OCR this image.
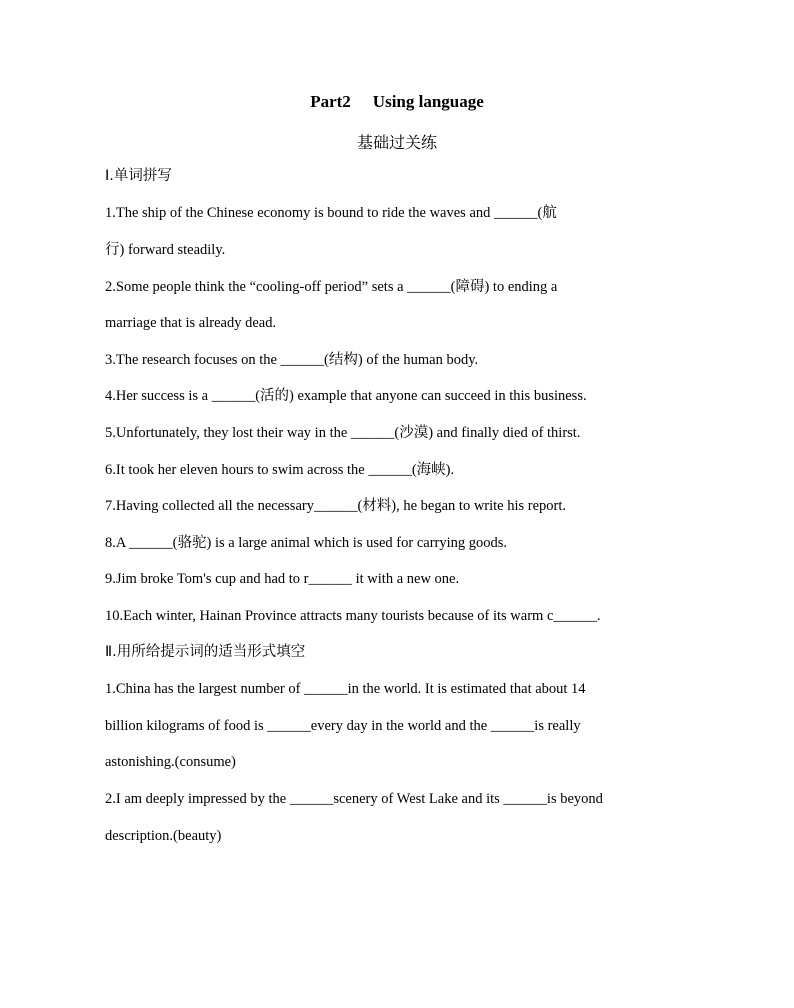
Part2 Using language
基础过关练
Ⅰ.单词拼写
1.The ship of the Chinese economy is bound to ride the waves and ______(航
行) forward steadily.
2.Some people think the “cooling-off period” sets a ______(障碍) to ending a
marriage that is already dead.
3.The research focuses on the ______(结构) of the human body.
4.Her success is a ______(活的) example that anyone can succeed in this business.
5.Unfortunately, they lost their way in the ______(沙漠) and finally died of thirst.
6.It took her eleven hours to swim across the ______(海峡).
7.Having collected all the necessary______(材料), he began to write his report.
8.A ______(骆驼) is a large animal which is used for carrying goods.
9.Jim broke Tom's cup and had to r______ it with a new one.
10.Each winter, Hainan Province attracts many tourists because of its warm c______.
Ⅱ.用所给提示词的适当形式填空
1.China has the largest number of ______in the world. It is estimated that about 14
billion kilograms of food is ______every day in the world and the ______is really
astonishing.(consume)
2.I am deeply impressed by the ______scenery of West Lake and its ______is beyond
description.(beauty)
